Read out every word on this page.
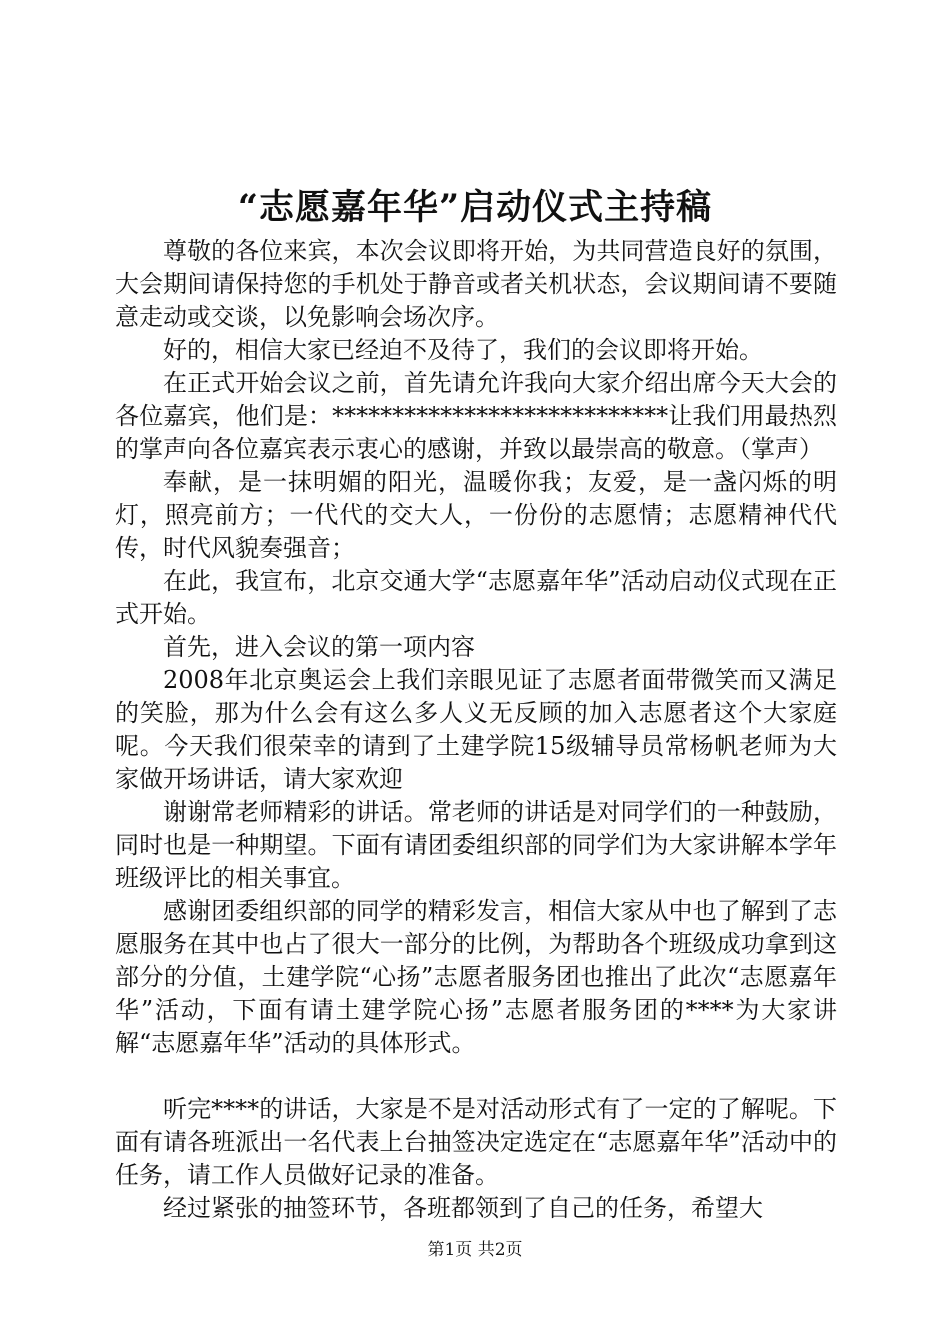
“志愿嘉年华”启动仪式主持稿

尊敬的各位来宾，本次会议即将开始，为共同营造良好的氛围，大会期间请保持您的手机处于静音或者关机状态，会议期间请不要随意走动或交谈，以免影响会场次序。

好的，相信大家已经迫不及待了，我们的会议即将开始。

在正式开始会议之前，首先请允许我向大家介绍出席今天大会的各位嘉宾，他们是：****************************让我们用最热烈的掌声向各位嘉宾表示衷心的感谢，并致以最崇高的敬意。（掌声）

奉献，是一抹明媚的阳光，温暖你我；友爱，是一盏闪烁的明灯，照亮前方；一代代的交大人，一份份的志愿情；志愿精神代代传，时代风貌奏强音；

在此，我宣布，北京交通大学“志愿嘉年华”活动启动仪式现在正式开始。

首先，进入会议的第一项内容

2008年北京奥运会上我们亲眼见证了志愿者面带微笑而又满足的笑脸，那为什么会有这么多人义无反顾的加入志愿者这个大家庭呢。今天我们很荣幸的请到了土建学院15级辅导员常杨帆老师为大家做开场讲话，请大家欢迎

谢谢常老师精彩的讲话。常老师的讲话是对同学们的一种鼓励，同时也是一种期望。下面有请团委组织部的同学们为大家讲解本学年班级评比的相关事宜。

感谢团委组织部的同学的精彩发言，相信大家从中也了解到了志愿服务在其中也占了很大一部分的比例，为帮助各个班级成功拿到这部分的分值，土建学院“心扬”志愿者服务团也推出了此次“志愿嘉年华”活动，下面有请土建学院心扬”志愿者服务团的****为大家讲解“志愿嘉年华”活动的具体形式。

听完****的讲话，大家是不是对活动形式有了一定的了解呢。下面有请各班派出一名代表上台抽签决定选定在“志愿嘉年华”活动中的任务，请工作人员做好记录的准备。

经过紧张的抽签环节，各班都领到了自己的任务，希望大

第1页 共2页
